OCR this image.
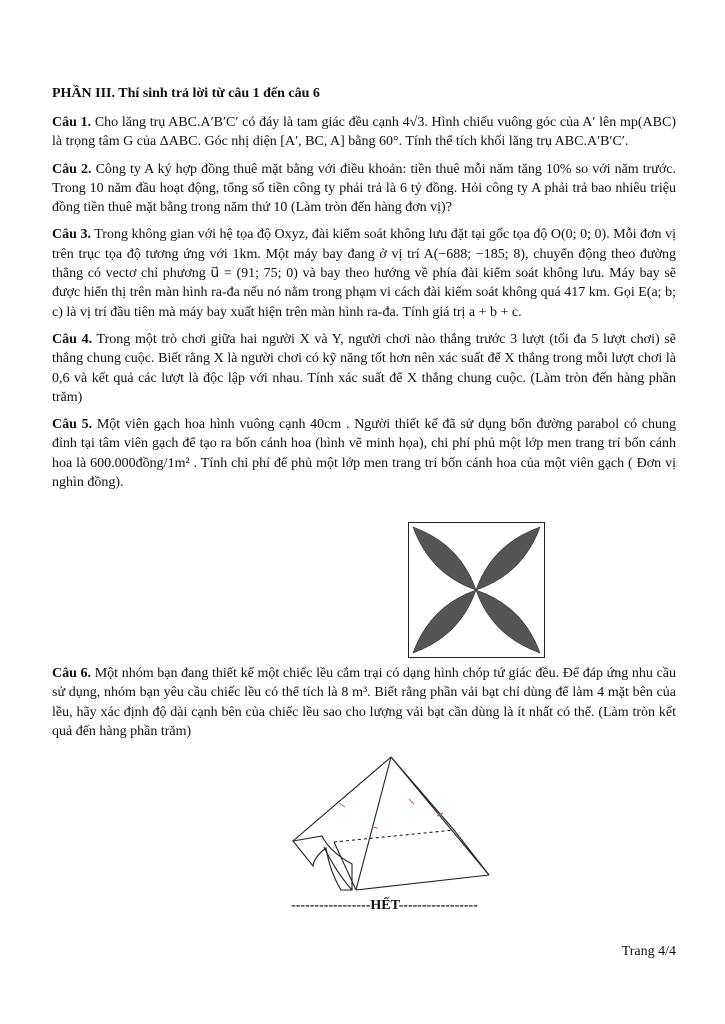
PHẦN III. Thí sinh trả lời từ câu 1 đến câu 6

Câu 1. Cho lăng trụ ABC.A′B′C′ có đáy là tam giác đều cạnh 4√3. Hình chiếu vuông góc của A′ lên mp(ABC) là trọng tâm G của ΔABC. Góc nhị diện [A′, BC, A] bằng 60°. Tính thể tích khối lăng trụ ABC.A′B′C′.

Câu 2. Công ty A ký hợp đồng thuê mặt bằng với điều khoản: tiền thuê mỗi năm tăng 10% so với năm trước. Trong 10 năm đầu hoạt động, tổng số tiền công ty phải trả là 6 tỷ đồng. Hỏi công ty A phải trả bao nhiêu triệu đồng tiền thuê mặt bằng trong năm thứ 10 (Làm tròn đến hàng đơn vị)?

Câu 3. Trong không gian với hệ tọa độ Oxyz, đài kiểm soát không lưu đặt tại gốc tọa độ O(0; 0; 0). Mỗi đơn vị trên trục tọa độ tương ứng với 1km. Một máy bay đang ở vị trí A(−688; −185; 8), chuyển động theo đường thẳng có vectơ chỉ phương u⃗ = (91; 75; 0) và bay theo hướng về phía đài kiểm soát không lưu. Máy bay sẽ được hiển thị trên màn hình ra-đa nếu nó nằm trong phạm vi cách đài kiểm soát không quá 417 km. Gọi E(a; b; c) là vị trí đầu tiên mà máy bay xuất hiện trên màn hình ra-đa. Tính giá trị a + b + c.

Câu 4. Trong một trò chơi giữa hai người X và Y, người chơi nào thắng trước 3 lượt (tối đa 5 lượt chơi) sẽ thắng chung cuộc. Biết rằng X là người chơi có kỹ năng tốt hơn nên xác suất để X thắng trong mỗi lượt chơi là 0,6 và kết quả các lượt là độc lập với nhau. Tính xác suất để X thắng chung cuộc. (Làm tròn đến hàng phần trăm)

Câu 5. Một viên gạch hoa hình vuông cạnh 40cm . Người thiết kế đã sử dụng bốn đường parabol có chung đỉnh tại tâm viên gạch để tạo ra bốn cánh hoa (hình vẽ minh họa), chi phí phủ một lớp men trang trí bốn cánh hoa là 600.000đồng/1m² . Tính chi phí để phủ một lớp men trang trí bốn cánh hoa của một viên gạch ( Đơn vị nghìn đồng).

Câu 6. Một nhóm bạn đang thiết kế một chiếc lều cắm trại có dạng hình chóp tứ giác đều. Để đáp ứng nhu cầu sử dụng, nhóm bạn yêu cầu chiếc lều có thể tích là 8 m³. Biết rằng phần vải bạt chỉ dùng để làm 4 mặt bên của lều, hãy xác định độ dài cạnh bên của chiếc lều sao cho lượng vải bạt cần dùng là ít nhất có thể. (Làm tròn kết quả đến hàng phần trăm)

-----------------HẾT-----------------
Trang 4/4
